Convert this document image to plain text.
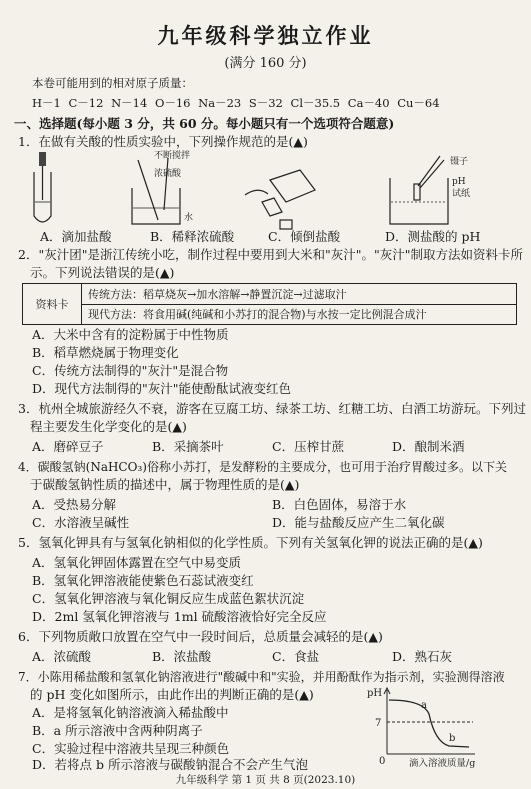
九年级科学独立作业
(满分 160 分)
本卷可能用到的相对原子质量：
H－1 C－12 N－14 O－16 Na－23 S－32 Cl－35.5 Ca－40 Cu－64
一、选择题(每小题 3 分，共 60 分。每小题只有一个选项符合题意)
1．在做有关酸的性质实验中，下列操作规范的是(▲)
不断搅拌
浓硫酸
水
镊子
pH
试纸
A．滴加盐酸	B．稀释浓硫酸	C．倾倒盐酸	D．测盐酸的 pH
2．"灰汁团"是浙江传统小吃，制作过程中要用到大米和"灰汁"。"灰汁"制取方法如资料卡所
示。下列说法错误的是(▲)
资料卡
传统方法：稻草烧灰→加水溶解→静置沉淀→过滤取汁
现代方法：将食用碱(纯碱和小苏打的混合物)与水按一定比例混合成汁
A．大米中含有的淀粉属于中性物质
B．稻草燃烧属于物理变化
C．传统方法制得的"灰汁"是混合物
D．现代方法制得的"灰汁"能使酚酞试液变红色
3．杭州全城旅游经久不衰，游客在豆腐工坊、绿茶工坊、红糖工坊、白酒工坊游玩。下列过
程主要发生化学变化的是(▲)
A．磨碎豆子	B．采摘茶叶	C．压榨甘蔗	D．酿制米酒
4．碳酸氢钠(NaHCO₃)俗称小苏打，是发酵粉的主要成分，也可用于治疗胃酸过多。以下关
于碳酸氢钠性质的描述中，属于物理性质的是(▲)
A．受热易分解	B．白色固体，易溶于水
C．水溶液呈碱性	D．能与盐酸反应产生二氧化碳
5．氢氧化钾具有与氢氧化钠相似的化学性质。下列有关氢氧化钾的说法正确的是(▲)
A．氢氧化钾固体露置在空气中易变质
B．氢氧化钾溶液能使紫色石蕊试液变红
C．氢氧化钾溶液与氧化铜反应生成蓝色絮状沉淀
D．2ml 氢氧化钾溶液与 1ml 硫酸溶液恰好完全反应
6．下列物质敞口放置在空气中一段时间后，总质量会减轻的是(▲)
A．浓硫酸	B．浓盐酸	C．食盐	D．熟石灰
7．小陈用稀盐酸和氢氧化钠溶液进行"酸碱中和"实验，并用酚酞作为指示剂，实验测得溶液
的 pH 变化如图所示，由此作出的判断正确的是(▲)
A．是将氢氧化钠溶液滴入稀盐酸中
B．a 所示溶液中含两种阴离子
C．实验过程中溶液共呈现三种颜色
D．若将点 b 所示溶液与碳酸钠混合不会产生气泡
pH
7
0 滴入溶液质量/g
a
b
九年级科学 第 1 页 共 8 页(2023.10)
